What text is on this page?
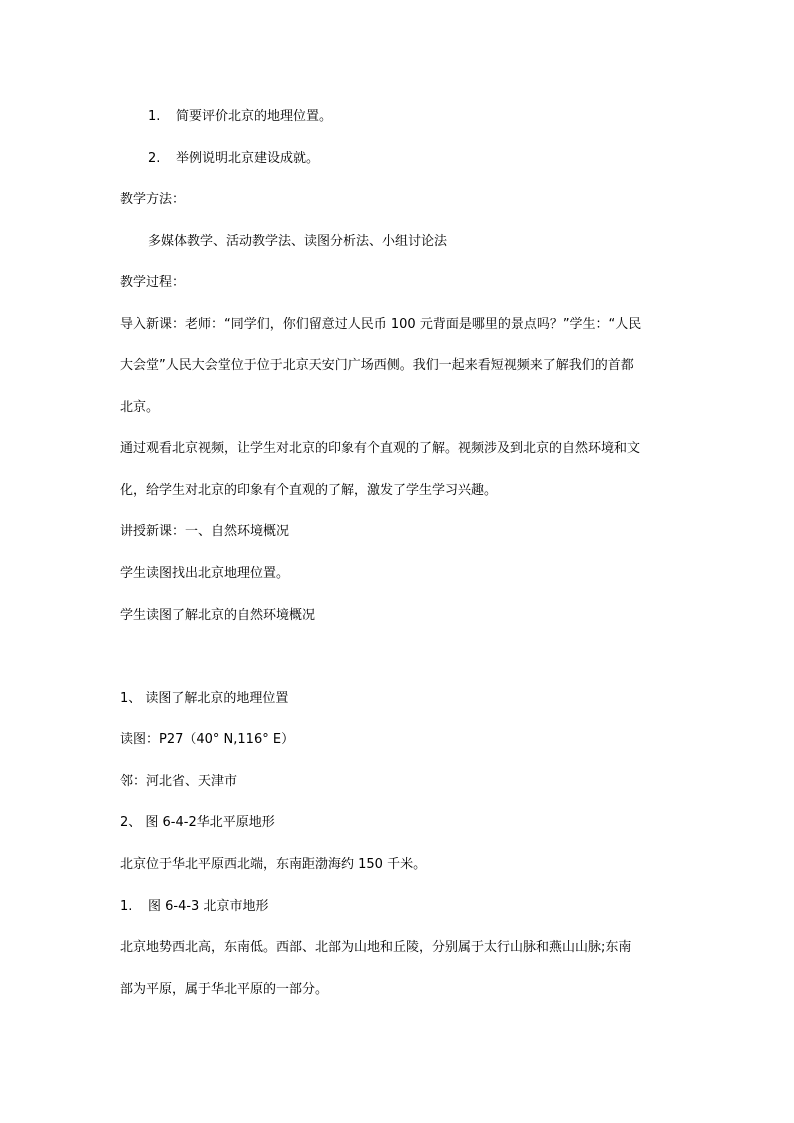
1. 简要评价北京的地理位置。
2. 举例说明北京建设成就。
教学方法：
多媒体教学、活动教学法、读图分析法、小组讨论法
教学过程：
导入新课：老师：“同学们，你们留意过人民币 100 元背面是哪里的景点吗？”学生：“人民
大会堂”人民大会堂位于位于北京天安门广场西侧。我们一起来看短视频来了解我们的首都
北京。
通过观看北京视频，让学生对北京的印象有个直观的了解。视频涉及到北京的自然环境和文
化，给学生对北京的印象有个直观的了解，激发了学生学习兴趣。
讲授新课：一、自然环境概况
学生读图找出北京地理位置。
学生读图了解北京的自然环境概况
1、 读图了解北京的地理位置
读图：P27（40° N,116° E）
邻：河北省、天津市
2、 图 6-4-2华北平原地形
北京位于华北平原西北端，东南距渤海约 150 千米。
1. 图 6-4-3 北京市地形
北京地势西北高，东南低。西部、北部为山地和丘陵，分别属于太行山脉和燕山山脉;东南
部为平原，属于华北平原的一部分。
